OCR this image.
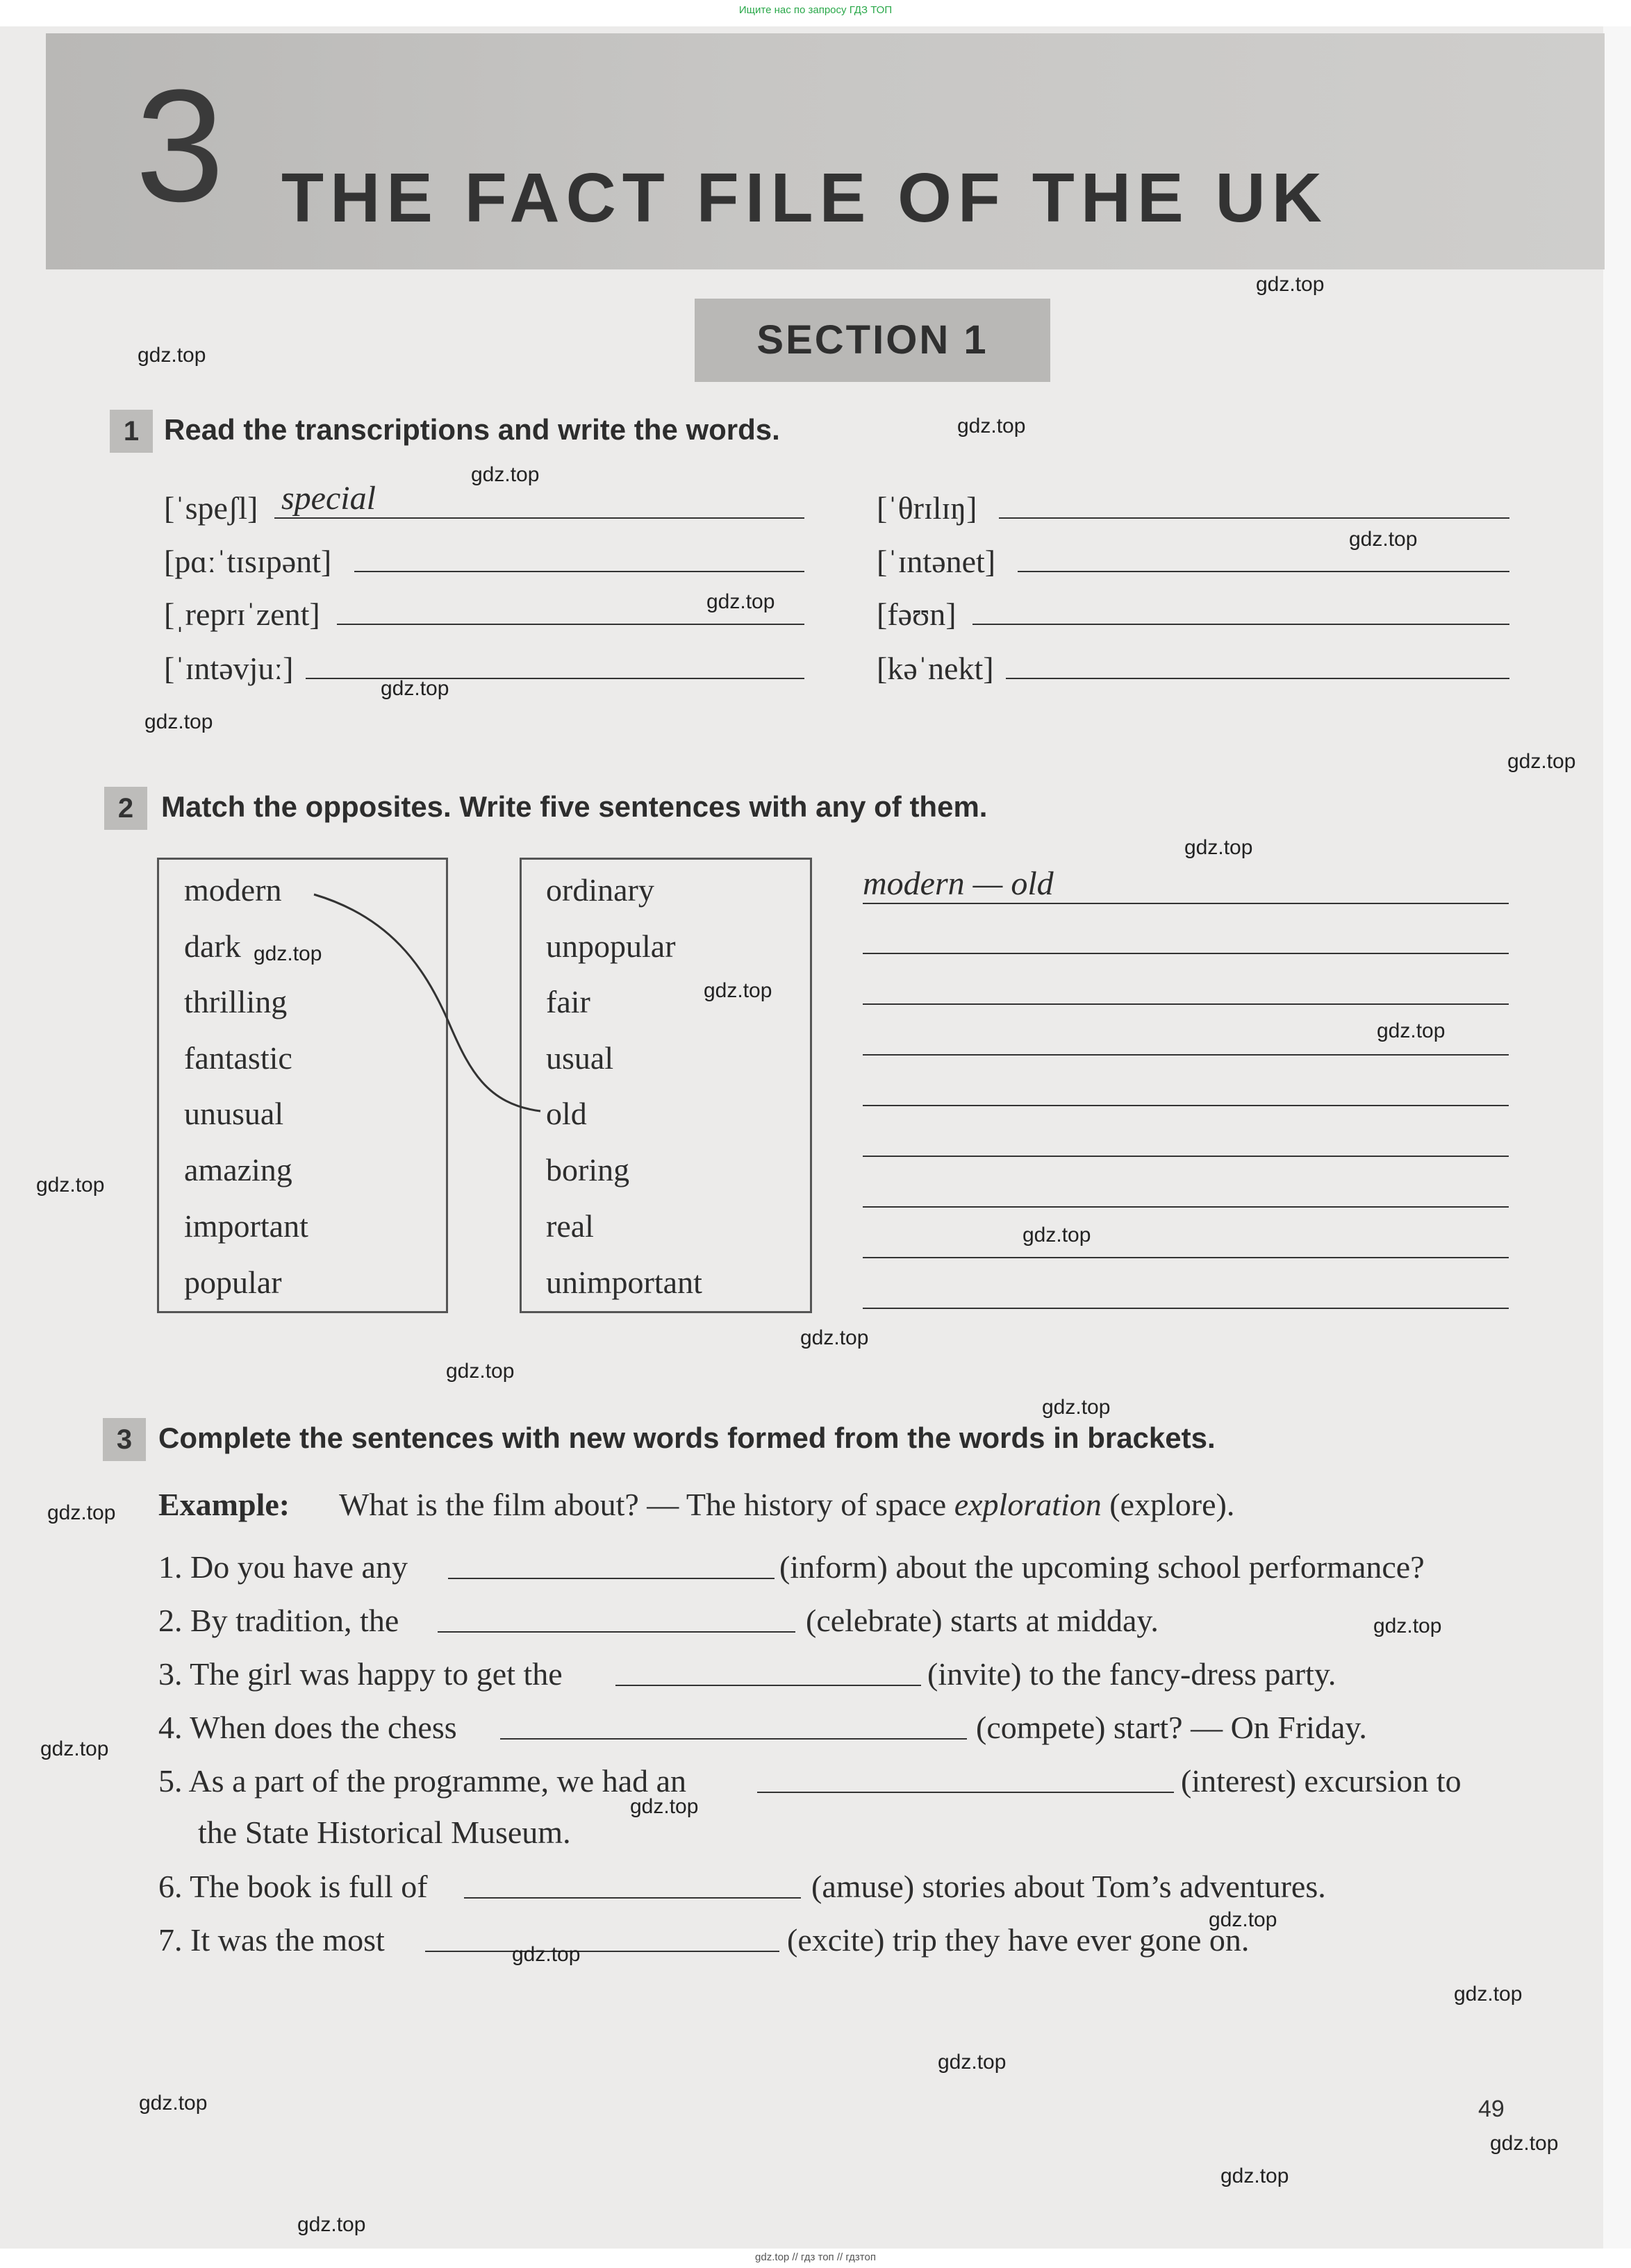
Ищите нас по запросу ГДЗ ТОП
3 THE FACT FILE OF THE UK
SECTION 1
1 Read the transcriptions and write the words.
[ˈspeʃl] special	[ˈθrɪlɪŋ]
[pɑːˈtɪsɪpənt]	[ˈɪntənet]
[ˌreprɪˈzent]	[fəʊn]
[ˈɪntəvjuː]	[kəˈnekt]
2 Match the opposites. Write five sentences with any of them.
modern
dark
thrilling
fantastic
unusual
amazing
important
popular
ordinary
unpopular
fair
usual
old
boring
real
unimportant
modern — old
3 Complete the sentences with new words formed from the words in brackets.
Example: What is the film about? — The history of space exploration (explore).
1. Do you have any	(inform) about the upcoming school performance?
2. By tradition, the	(celebrate) starts at midday.
3. The girl was happy to get the	(invite) to the fancy-dress party.
4. When does the chess	(compete) start? — On Friday.
5. As a part of the programme, we had an	(interest) excursion to
the State Historical Museum.
6. The book is full of	(amuse) stories about Tom’s adventures.
7. It was the most	(excite) trip they have ever gone on.
49
gdz.top
gdz.top
gdz.top
gdz.top
gdz.top
gdz.top
gdz.top
gdz.top
gdz.top
gdz.top
gdz.top
gdz.top
gdz.top
gdz.top
gdz.top
gdz.top
gdz.top
gdz.top
gdz.top
gdz.top
gdz.top
gdz.top
gdz.top
gdz.top
gdz.top
gdz.top
gdz.top
gdz.top
gdz.top
gdz.top
gdz.top // гдз топ // гдзтоп
